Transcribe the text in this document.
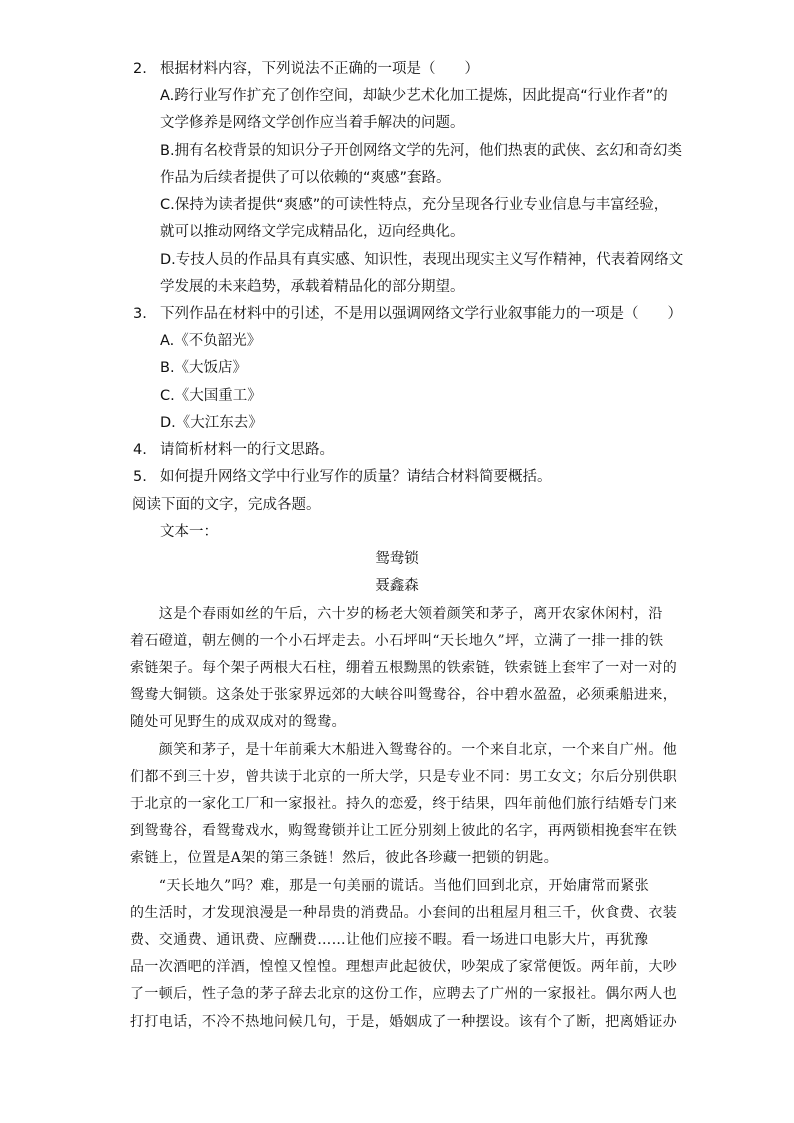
2. 根据材料内容，下列说法不正确的一项是（　　）
A.跨行业写作扩充了创作空间，却缺少艺术化加工提炼，因此提高“行业作者”的
文学修养是网络文学创作应当着手解决的问题。
B.拥有名校背景的知识分子开创网络文学的先河，他们热衷的武侠、玄幻和奇幻类
作品为后续者提供了可以依赖的“爽感”套路。
C.保持为读者提供“爽感”的可读性特点，充分呈现各行业专业信息与丰富经验，
就可以推动网络文学完成精品化，迈向经典化。
D.专技人员的作品具有真实感、知识性，表现出现实主义写作精神，代表着网络文
学发展的未来趋势，承载着精品化的部分期望。
3. 下列作品在材料中的引述，不是用以强调网络文学行业叙事能力的一项是（　　）
A.《不负韶光》
B.《大饭店》
C.《大国重工》
D.《大江东去》
4. 请简析材料一的行文思路。
5. 如何提升网络文学中行业写作的质量？请结合材料简要概括。
阅读下面的文字，完成各题。
文本一：
鸳鸯锁
聂鑫森
　　这是个春雨如丝的午后，六十岁的杨老大领着颜笑和茅子，离开农家休闲村，沿
着石磴道，朝左侧的一个小石坪走去。小石坪叫“天长地久”坪，立满了一排一排的铁
索链架子。每个架子两根大石柱，绷着五根黝黑的铁索链，铁索链上套牢了一对一对的
鸳鸯大铜锁。这条处于张家界远郊的大峡谷叫鸳鸯谷，谷中碧水盈盈，必须乘船进来，
随处可见野生的成双成对的鸳鸯。
　　颜笑和茅子，是十年前乘大木船进入鸳鸯谷的。一个来自北京，一个来自广州。他
们都不到三十岁，曾共读于北京的一所大学，只是专业不同：男工女文；尔后分别供职
于北京的一家化工厂和一家报社。持久的恋爱，终于结果，四年前他们旅行结婚专门来
到鸳鸯谷，看鸳鸯戏水，购鸳鸯锁并让工匠分别刻上彼此的名字，再两锁相挽套牢在铁
索链上，位置是A架的第三条链！然后，彼此各珍藏一把锁的钥匙。
　　“天长地久”吗？难，那是一句美丽的谎话。当他们回到北京，开始庸常而紧张
的生活时，才发现浪漫是一种昂贵的消费品。小套间的出租屋月租三千，伙食费、衣装
费、交通费、通讯费、应酬费……让他们应接不暇。看一场进口电影大片，再犹豫
品一次酒吧的洋酒，惶惶又惶惶。理想声此起彼伏，吵架成了家常便饭。两年前，大吵
了一顿后，性子急的茅子辞去北京的这份工作，应聘去了广州的一家报社。偶尔两人也
打打电话，不冷不热地问候几句，于是，婚姻成了一种摆设。该有个了断，把离婚证办
